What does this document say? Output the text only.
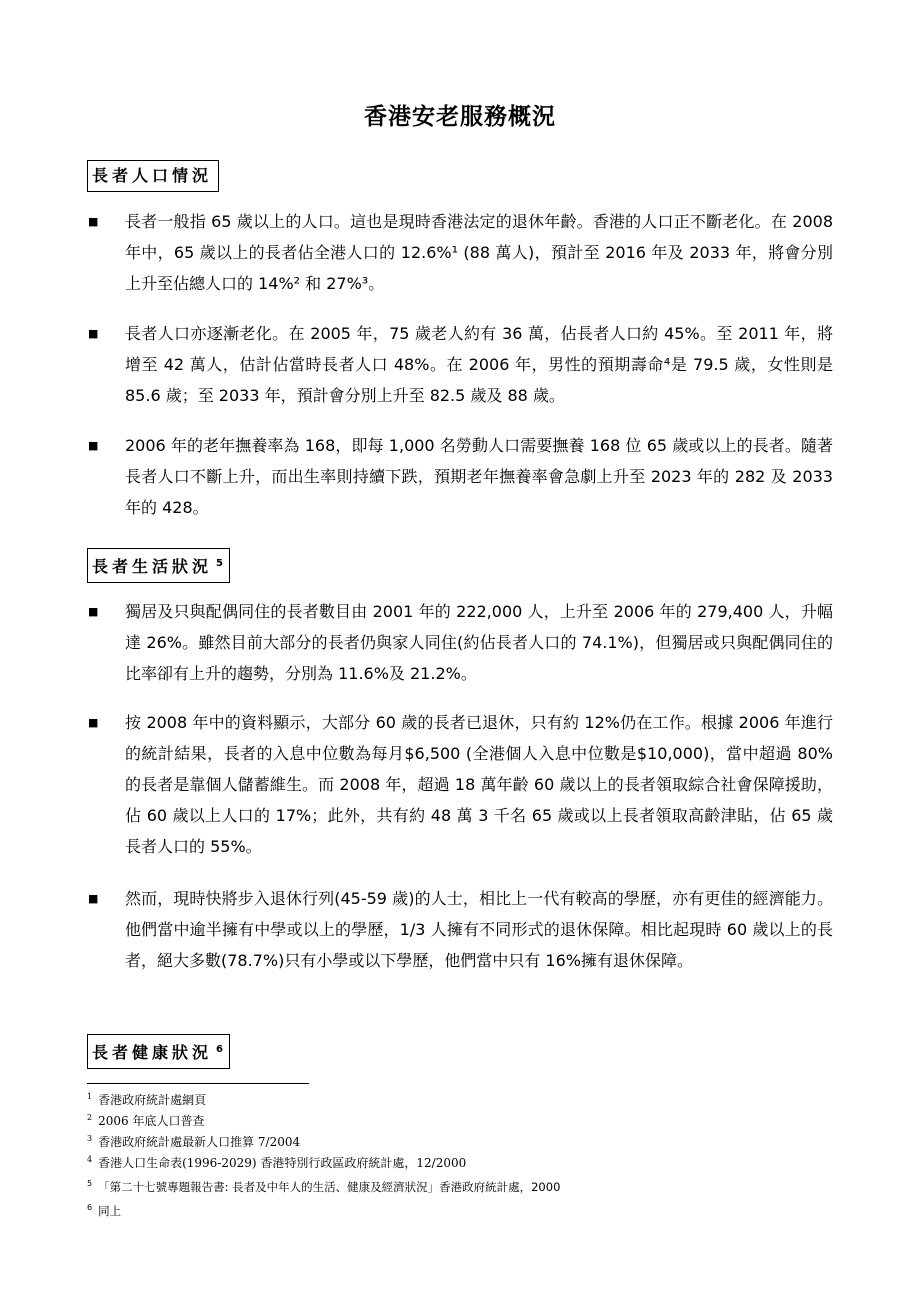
香港安老服務概況
長者人口情況
■ 長者一般指 65 歲以上的人口。這也是現時香港法定的退休年齡。香港的人口正不斷老化。在 2008 年中，65 歲以上的長者佔全港人口的 12.6%¹ (88 萬人)，預計至 2016 年及 2033 年，將會分別上升至佔總人口的 14%² 和 27%³。

■ 長者人口亦逐漸老化。在 2005 年，75 歲老人約有 36 萬，佔長者人口約 45%。至 2011 年，將增至 42 萬人，估計佔當時長者人口 48%。在 2006 年，男性的預期壽命⁴是 79.5 歲，女性則是 85.6 歲；至 2033 年，預計會分別上升至 82.5 歲及 88 歲。

■ 2006 年的老年撫養率為 168，即每 1,000 名勞動人口需要撫養 168 位 65 歲或以上的長者。隨著長者人口不斷上升，而出生率則持續下跌，預期老年撫養率會急劇上升至 2023 年的 282 及 2033 年的 428。

長者生活狀況 $^5$
■ 獨居及只與配偶同住的長者數目由 2001 年的 222,000 人，上升至 2006 年的 279,400 人，升幅達 26%。雖然目前大部分的長者仍與家人同住(約佔長者人口的 74.1%)，但獨居或只與配偶同住的比率卻有上升的趨勢，分別為 11.6%及 21.2%。

■ 按 2008 年中的資料顯示，大部分 60 歲的長者已退休，只有約 12%仍在工作。根據 2006 年進行的統計結果，長者的入息中位數為每月$6,500 (全港個人入息中位數是$10,000)，當中超過 80%的長者是靠個人儲蓄維生。而 2008 年，超過 18 萬年齡 60 歲以上的長者領取綜合社會保障援助，佔 60 歲以上人口的 17%；此外，共有約 48 萬 3 千名 65 歲或以上長者領取高齡津貼，佔 65 歲長者人口的 55%。

■ 然而，現時快將步入退休行列(45-59 歲)的人士，相比上一代有較高的學歷，亦有更佳的經濟能力。他們當中逾半擁有中學或以上的學歷，1/3 人擁有不同形式的退休保障。相比起現時 60 歲以上的長者，絕大多數(78.7%)只有小學或以下學歷，他們當中只有 16%擁有退休保障。

長者健康狀況 $^6$
$^1$ 香港政府統計處網頁
$^2$ 2006 年底人口普查
$^3$ 香港政府統計處最新人口推算 7/2004
$^4$ 香港人口生命表(1996-2029) 香港特別行政區政府統計處，12/2000
$^5$ 「第二十七號專題報告書: 長者及中年人的生活、健康及經濟狀況」香港政府統計處，2000
$^6$ 同上
